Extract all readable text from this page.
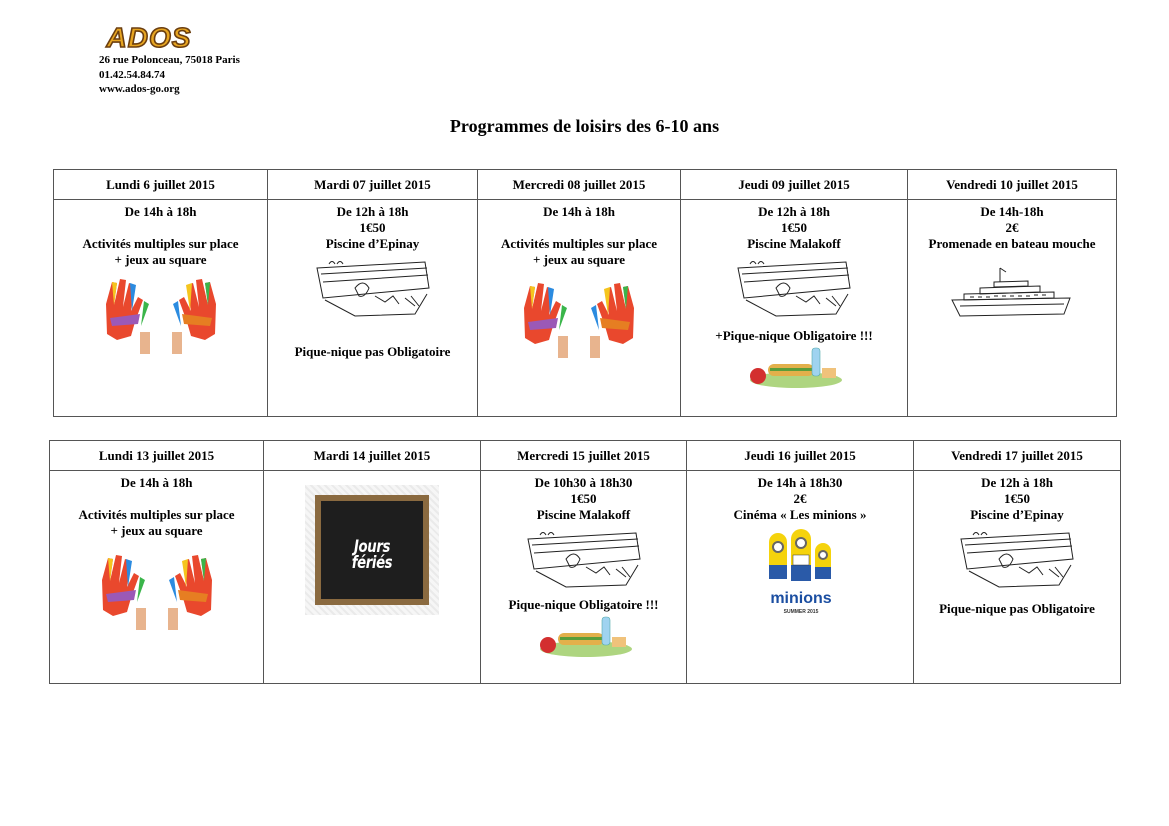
ADOS
26 rue Polonceau, 75018 Paris
01.42.54.84.74
www.ados-go.org
Programmes de loisirs des 6-10 ans
Lundi 6 juillet 2015	Mardi 07 juillet 2015	Mercredi 08 juillet 2015	Jeudi 09 juillet 2015	Vendredi 10 juillet 2015

De 14h à 18h
Activités multiples sur place
+ jeux au square	De 12h à 18h
1€50
Piscine d’Epinay
Pique-nique pas Obligatoire	De 14h à 18h
Activités multiples sur place
+ jeux au square	De 12h à 18h
1€50
Piscine Malakoff
+Pique-nique Obligatoire !!!	De 14h-18h
2€
Promenade en bateau mouche
Lundi 13 juillet 2015	Mardi 14 juillet 2015	Mercredi 15 juillet 2015	Jeudi 16 juillet 2015	Vendredi 17 juillet 2015

De 14h à 18h
Activités multiples sur place
+ jeux au square	Jours fériés	De 10h30 à 18h30
1€50
Piscine Malakoff
Pique-nique Obligatoire !!!	De 14h à 18h30
2€
Cinéma « Les minions »	De 12h à 18h
1€50
Piscine d’Epinay
Pique-nique pas Obligatoire
